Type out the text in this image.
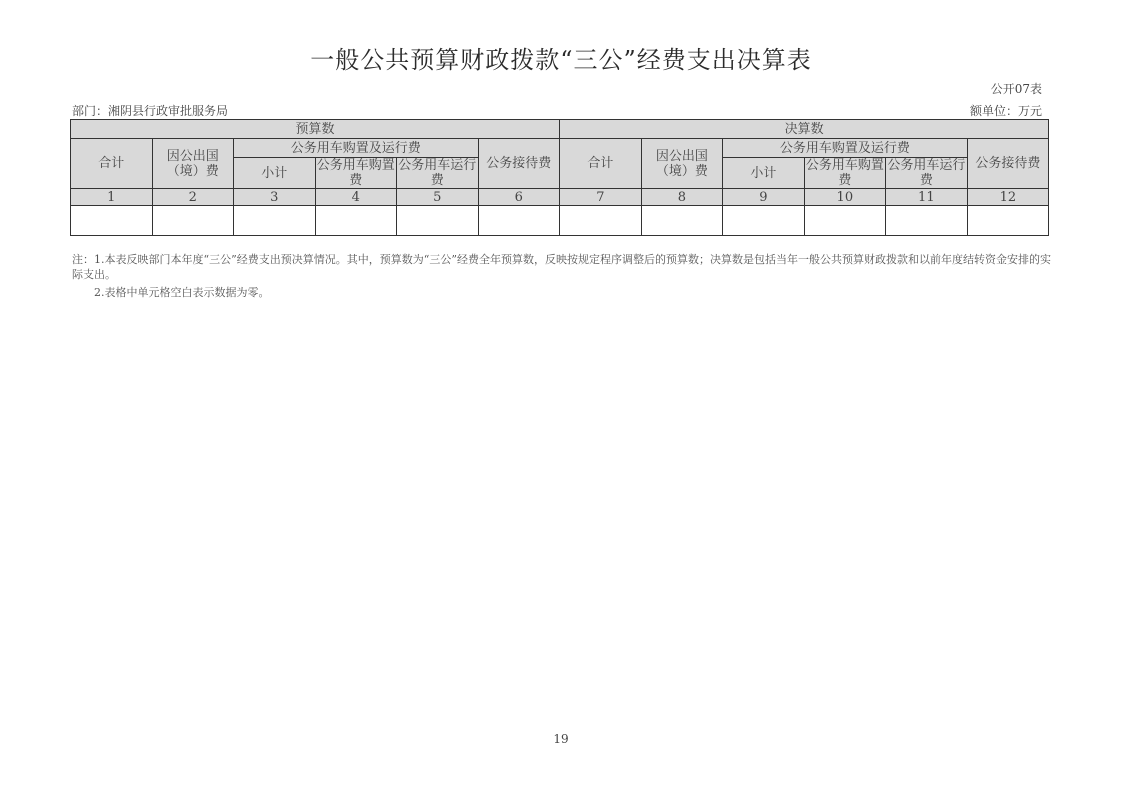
一般公共预算财政拨款“三公”经费支出决算表
公开07表
部门：湘阴县行政审批服务局	额单位：万元
预算数						决算数					
合计	因公出国（境）费	公务用车购置及运行费			公务接待费	合计	因公出国（境）费	公务用车购置及运行费			公务接待费
		小计	公务用车购置费	公务用车运行费				小计	公务用车购置费	公务用车运行费	
1	2	3	4	5	6	7	8	9	10	11	12

注：1.本表反映部门本年度“三公”经费支出预决算情况。其中，预算数为“三公”经费全年预算数，反映按规定程序调整后的预算数；决算数是包括当年一般公共预算财政拨款和以前年度结转资金安排的实际支出。

2.表格中单元格空白表示数据为零。

19
